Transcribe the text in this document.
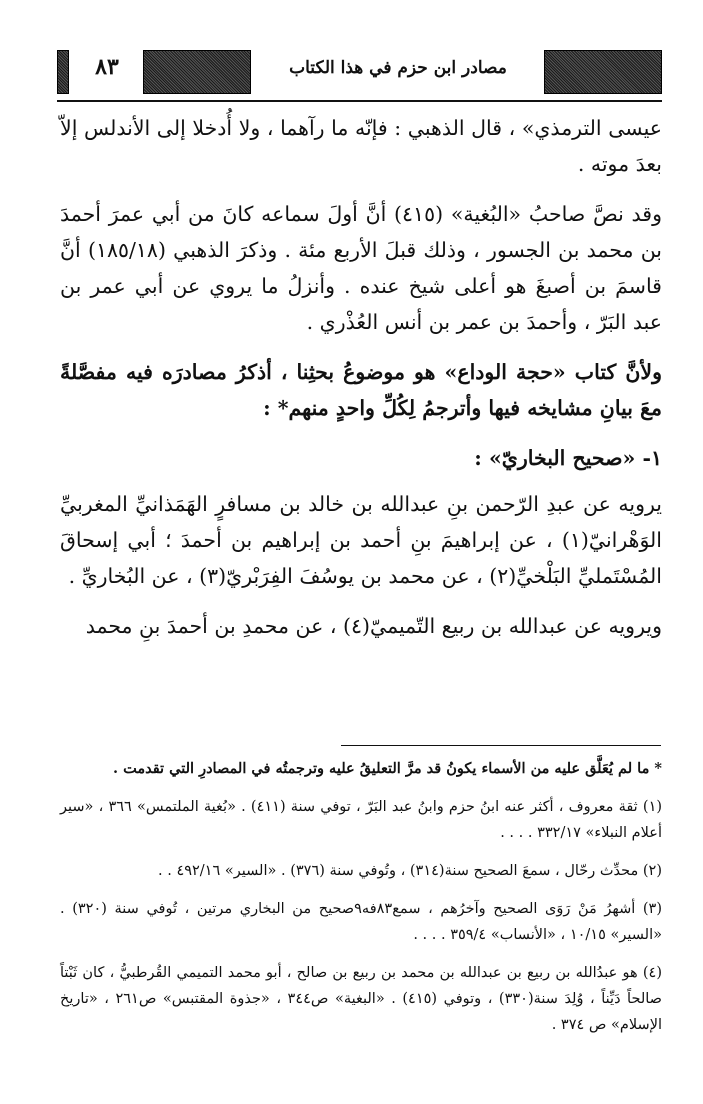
مصادر ابن حزم في هذا الكتاب
٨٣

عيسى الترمذي» ، قال الذهبي : فإنّه ما رآهما ، ولا أُدخلا إلى الأندلس إلاّ بعدَ موته .

وقد نصَّ صاحبُ «البُغية» (٤١٥) أنَّ أولَ سماعه كانَ من أبي عمرَ أحمدَ بن محمد بن الجسور ، وذلك قبلَ الأربع مئة . وذكرَ الذهبي (١٨٥/١٨) أنَّ قاسمَ بن أصبغَ هو أعلى شيخ عنده . وأنزلُ ما يروي عن أبي عمر بن عبد البَرّ ، وأحمدَ بن عمر بن أنس العُذْري .

ولأنَّ كتاب «حجة الوداع» هو موضوعُ بحثِنا ، أذكرُ مصادرَه فيه مفصَّلةً معَ بيانِ مشايخه فيها وأترجمُ لِكُلِّ واحدٍ منهم* :

١- «صحيح البخاريّ» :

يرويه عن عبدِ الرّحمن بنِ عبدالله بن خالد بن مسافرٍ الهَمَذانيِّ المغربيِّ الوَهْرانيّ(١) ، عن إبراهيمَ بنِ أحمد بن إبراهيم بن أحمدَ ؛ أبي إسحاقَ المُسْتَمليِّ البَلْخيِّ(٢) ، عن محمد بن يوسُفَ الفِرَبْريّ(٣) ، عن البُخاريِّ .

ويرويه عن عبدالله بن ربيع التّميميّ(٤) ، عن محمدِ بن أحمدَ بنِ محمد

* ما لم يُعَلَّق عليه من الأسماء يكونُ قد مرَّ التعليقُ عليه وترجمتُه في المصادرِ التي تقدمت .

(١) ثقة معروف ، أكثر عنه ابنُ حزم وابنُ عبد البَرّ ، توفي سنة (٤١١) . «بُغية الملتمس» ٣٦٦ ، «سير أعلام النبلاء» ٣٣٢/١٧ . . . .

(٢) محدِّث رحّال ، سمعَ الصحيح سنة(٣١٤) ، وتُوفي سنة (٣٧٦) . «السير» ٤٩٢/١٦ . .

(٣) أشهرُ مَنْ رَوَى الصحيح وآخرُهم ، سمع٨٣فه٩صحيح من البخاري مرتين ، تُوفي سنة (٣٢٠) . «السير» ١٠/١٥ ، «الأنساب» ٣٥٩/٤ . . . .

(٤) هو عبدُالله بن ربيع بن عبدالله بن محمد بن ربيع بن صالح ، أبو محمد التميمي القُرطبيُّ ، كان ثَبْتاً صالحاً دَيِّناً ، وُلِدَ سنة(٣٣٠) ، وتوفي (٤١٥) . «البغية» ص٣٤٤ ، «جذوة المقتبس» ص٢٦١ ، «تاريخ الإسلام» ص ٣٧٤ .
